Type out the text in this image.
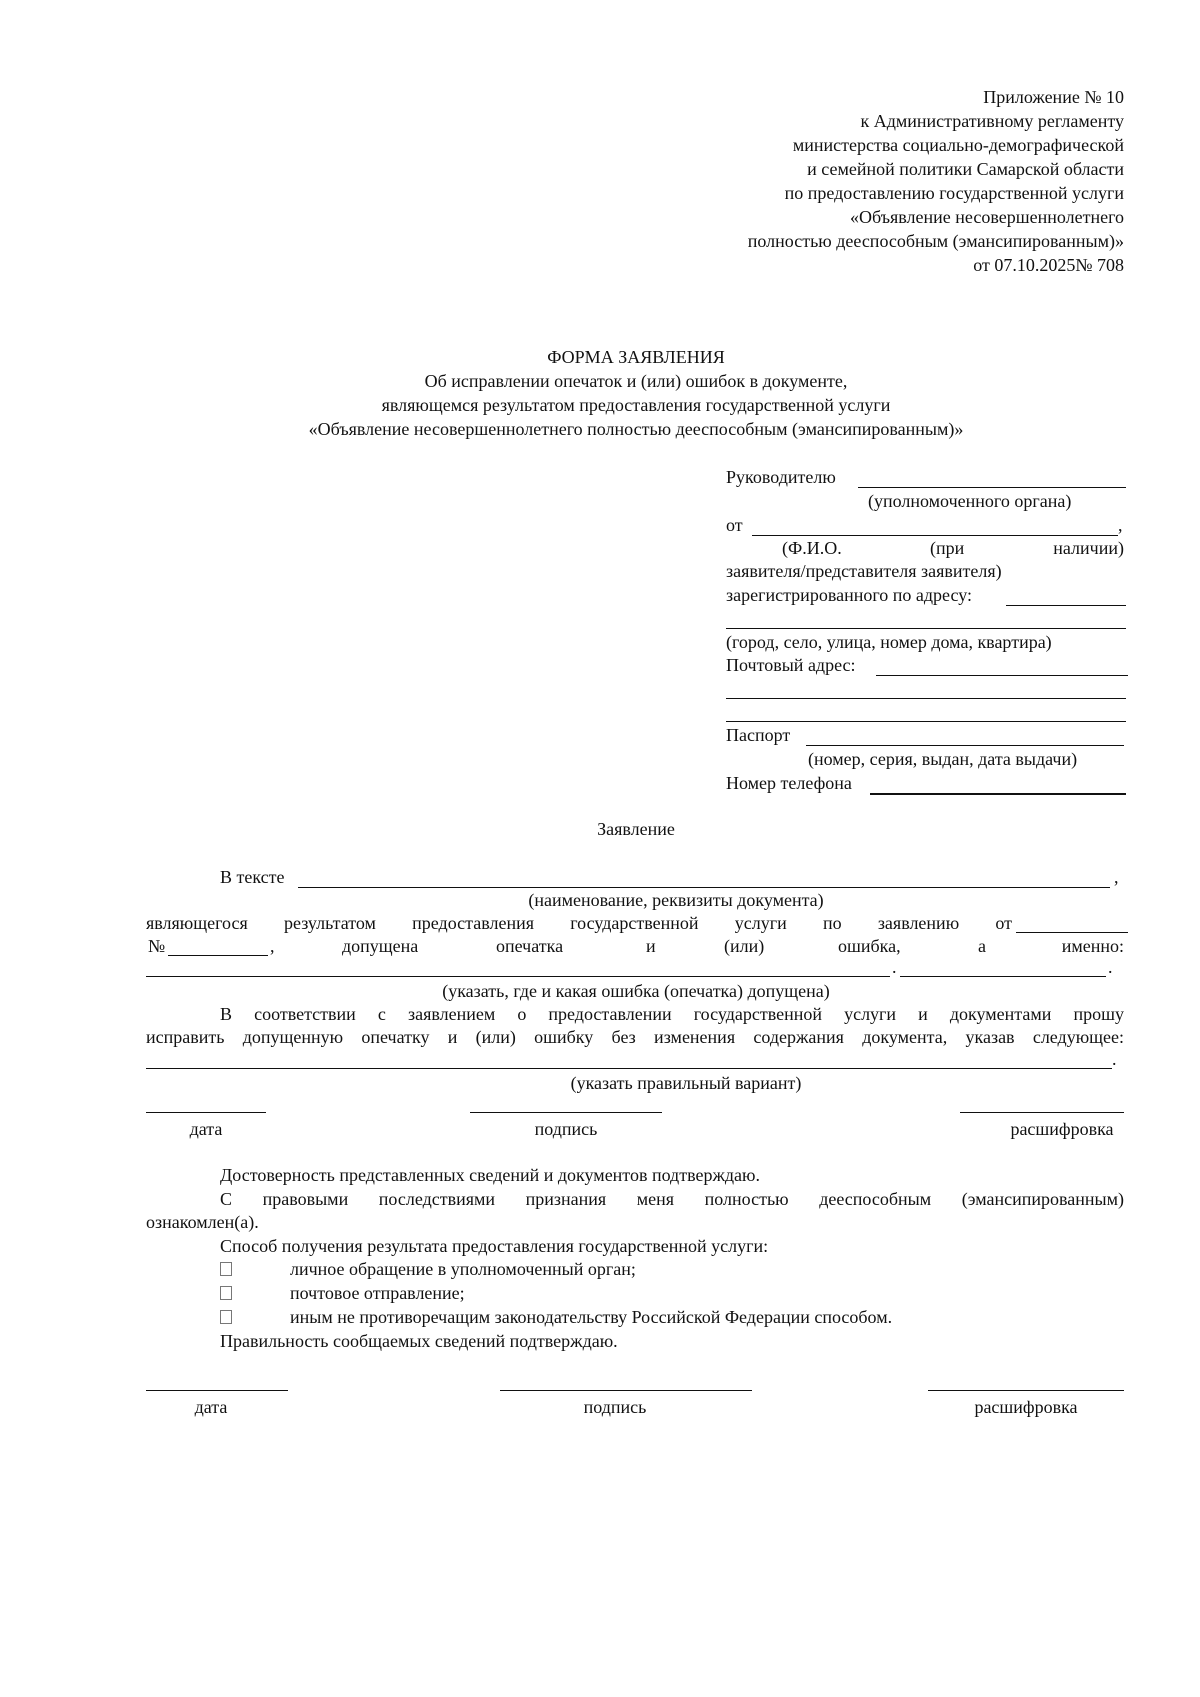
Приложение № 10
к Административному регламенту
министерства социально-демографической
и семейной политики Самарской области
по предоставлению государственной услуги
«Объявление несовершеннолетнего
полностью дееспособным (эмансипированным)»
от 07.10.2025№ 708
ФОРМА ЗАЯВЛЕНИЯ
Об исправлении опечаток и (или) ошибок в документе,
являющемся результатом предоставления государственной услуги
«Объявление несовершеннолетнего полностью дееспособным (эмансипированным)»
Руководителю
(уполномоченного органа)
от	,
(Ф.И.О.	(при	наличии)
заявителя/представителя заявителя)
зарегистрированного по адресу:
(город, село, улица, номер дома, квартира)
Почтовый адрес:
Паспорт
(номер, серия, выдан, дата выдачи)
Номер телефона
Заявление
В тексте	,
(наименование, реквизиты документа)
являющегося результатом предоставления государственной услуги по заявлению от
№	,	допущена	опечатка	и	(или)	ошибка,	а	именно:
.	.
(указать, где и какая ошибка (опечатка) допущена)
В соответствии с заявлением о предоставлении государственной услуги и документами прошу
исправить допущенную опечатку и (или) ошибку без изменения содержания документа, указав следующее:
.
(указать правильный вариант)
дата	подпись	расшифровка
Достоверность представленных сведений и документов подтверждаю.
С правовыми последствиями признания меня полностью дееспособным (эмансипированным)
ознакомлен(а).
Способ получения результата предоставления государственной услуги:
личное обращение в уполномоченный орган;
почтовое отправление;
иным не противоречащим законодательству Российской Федерации способом.
Правильность сообщаемых сведений подтверждаю.
дата	подпись	расшифровка
